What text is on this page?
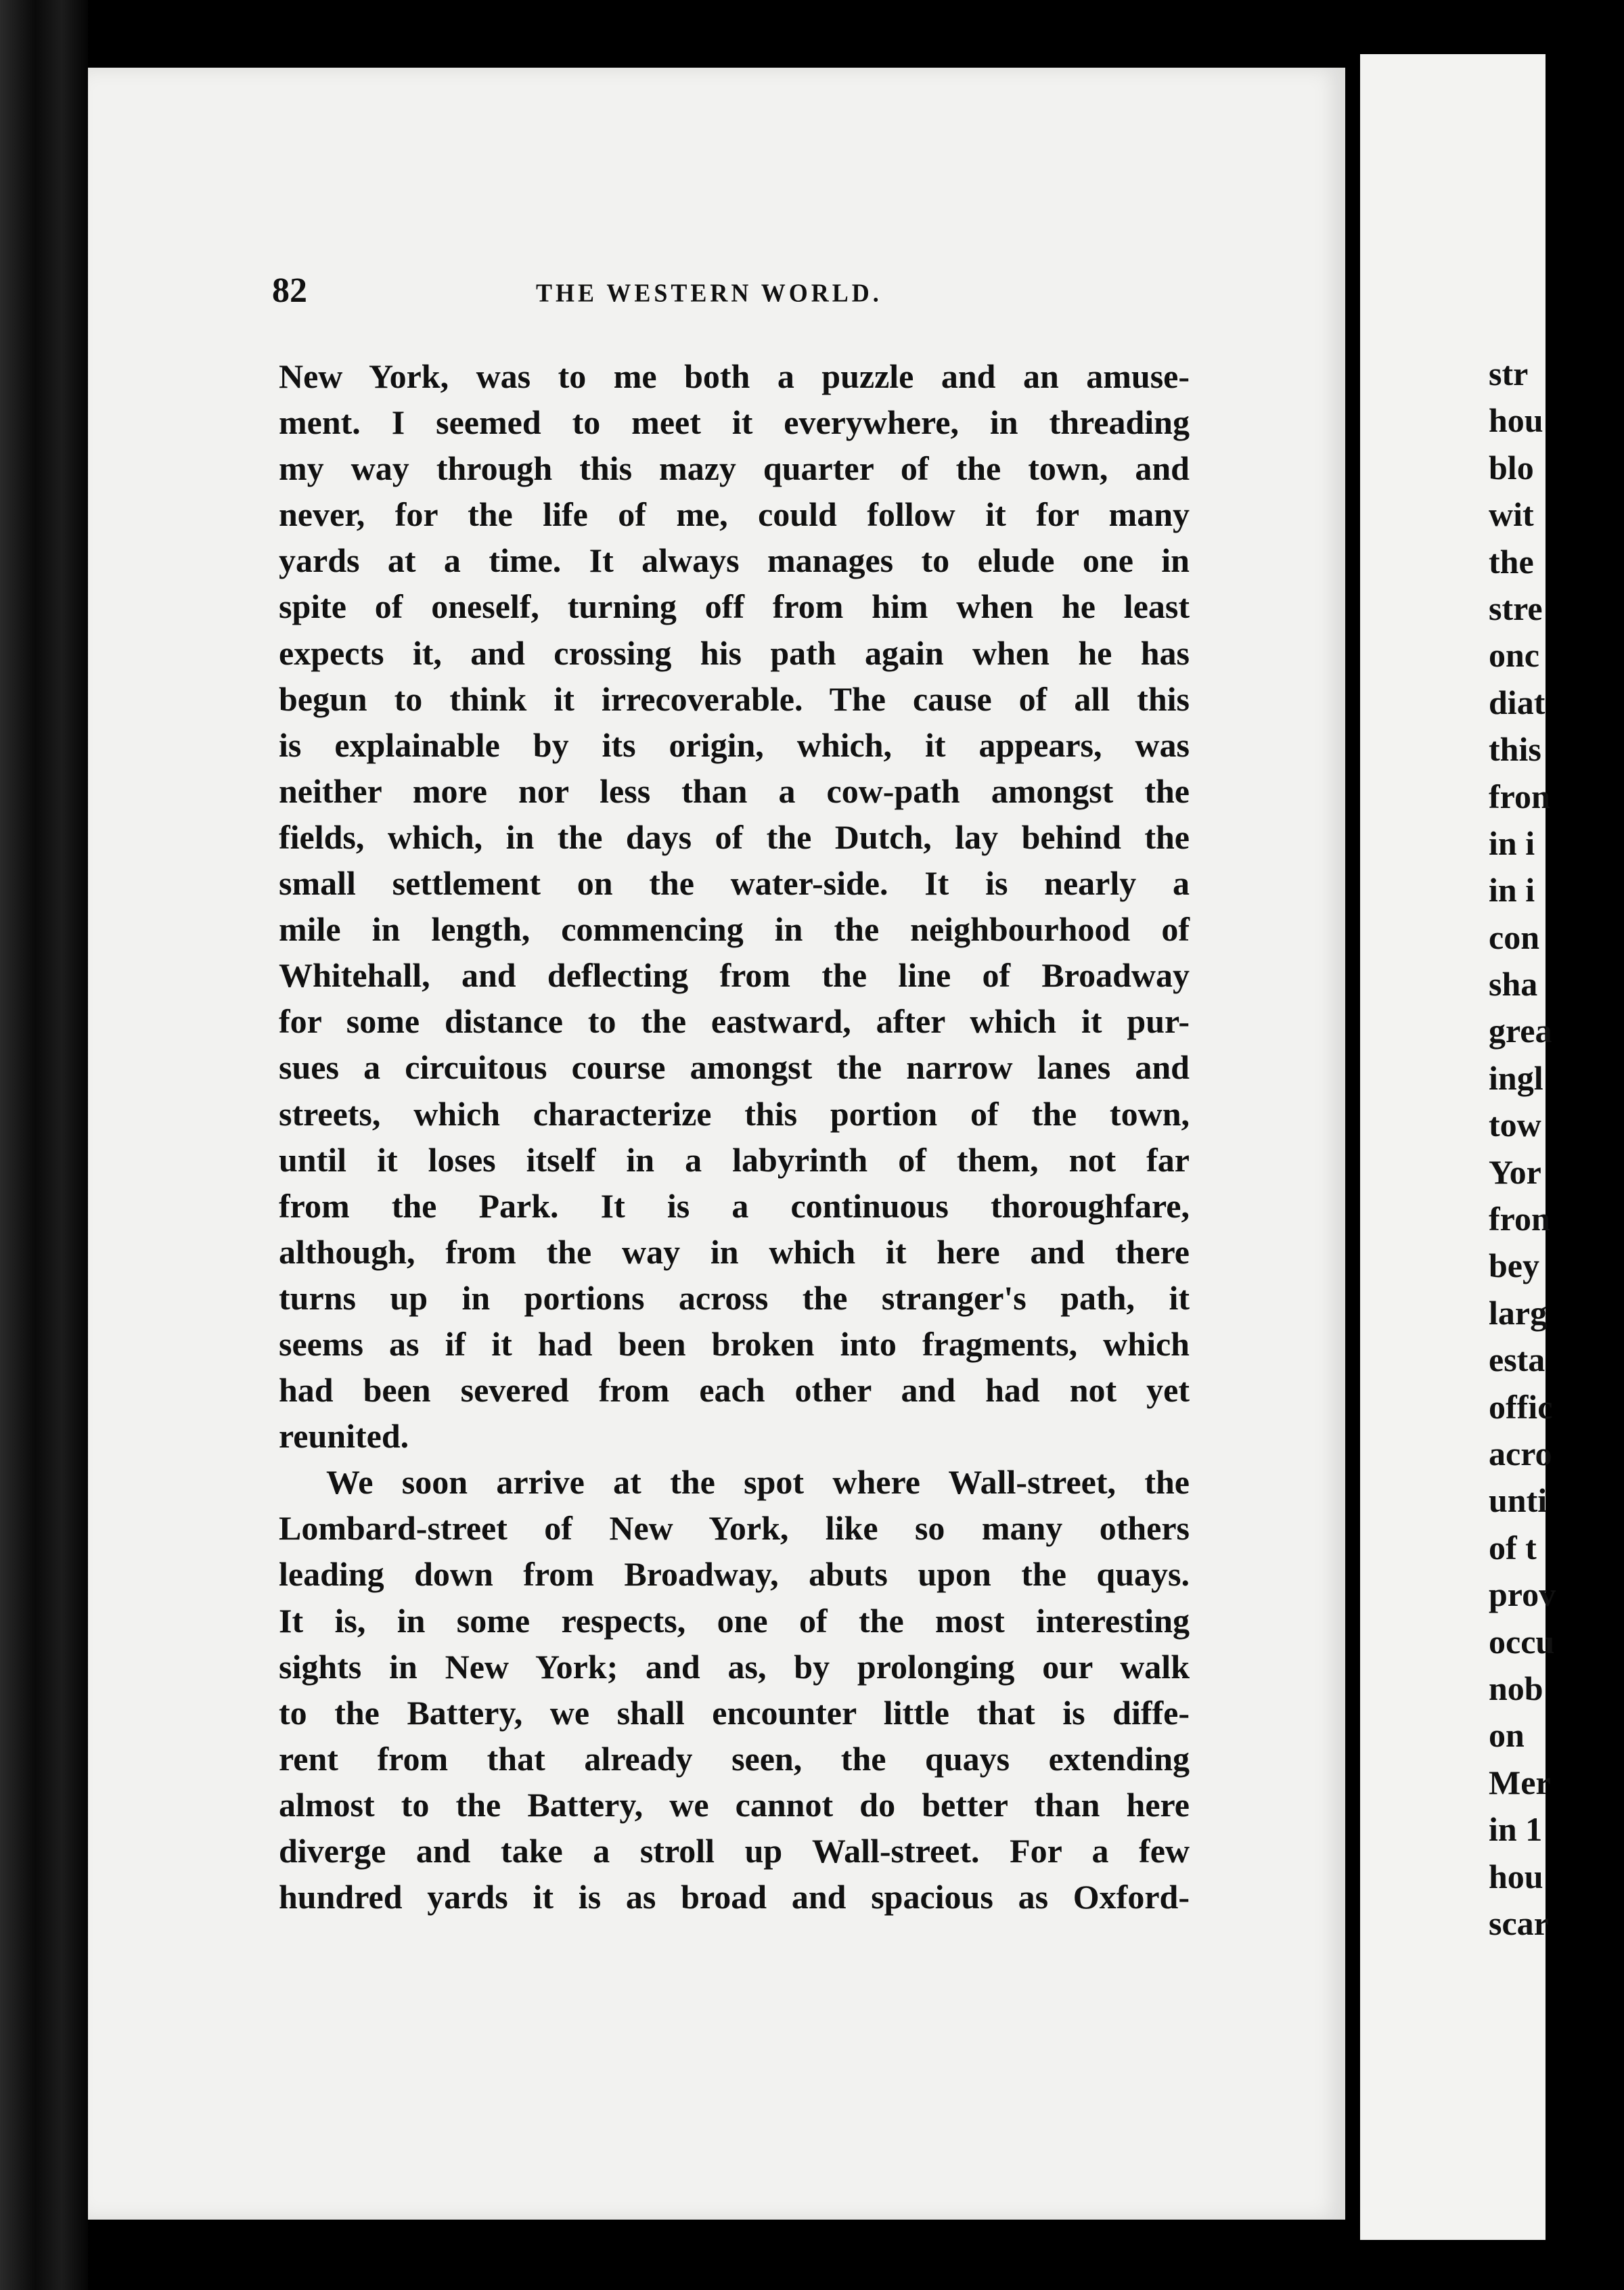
82	THE WESTERN WORLD.
New York, was to me both a puzzle and an amuse-
ment. I seemed to meet it everywhere, in threading
my way through this mazy quarter of the town, and
never, for the life of me, could follow it for many
yards at a time. It always manages to elude one in
spite of oneself, turning off from him when he least
expects it, and crossing his path again when he has
begun to think it irrecoverable. The cause of all this
is explainable by its origin, which, it appears, was
neither more nor less than a cow-path amongst the
fields, which, in the days of the Dutch, lay behind the
small settlement on the water-side. It is nearly a
mile in length, commencing in the neighbourhood of
Whitehall, and deflecting from the line of Broadway
for some distance to the eastward, after which it pur-
sues a circuitous course amongst the narrow lanes and
streets, which characterize this portion of the town,
until it loses itself in a labyrinth of them, not far
from the Park. It is a continuous thoroughfare,
although, from the way in which it here and there
turns up in portions across the stranger's path, it
seems as if it had been broken into fragments, which
had been severed from each other and had not yet
reunited.
We soon arrive at the spot where Wall-street, the
Lombard-street of New York, like so many others
leading down from Broadway, abuts upon the quays.
It is, in some respects, one of the most interesting
sights in New York; and as, by prolonging our walk
to the Battery, we shall encounter little that is diffe-
rent from that already seen, the quays extending
almost to the Battery, we cannot do better than here
diverge and take a stroll up Wall-street. For a few
hundred yards it is as broad and spacious as Oxford-
str
hou
blo
wit
the
stre
onc
diat
this
fron
in i
in i
con
sha
grea
ingl
tow
Yor
fron
bey
larg
esta
offic
acro
unti
of t
prov
occu
nob
on
Mer
in 1
hou
scar
